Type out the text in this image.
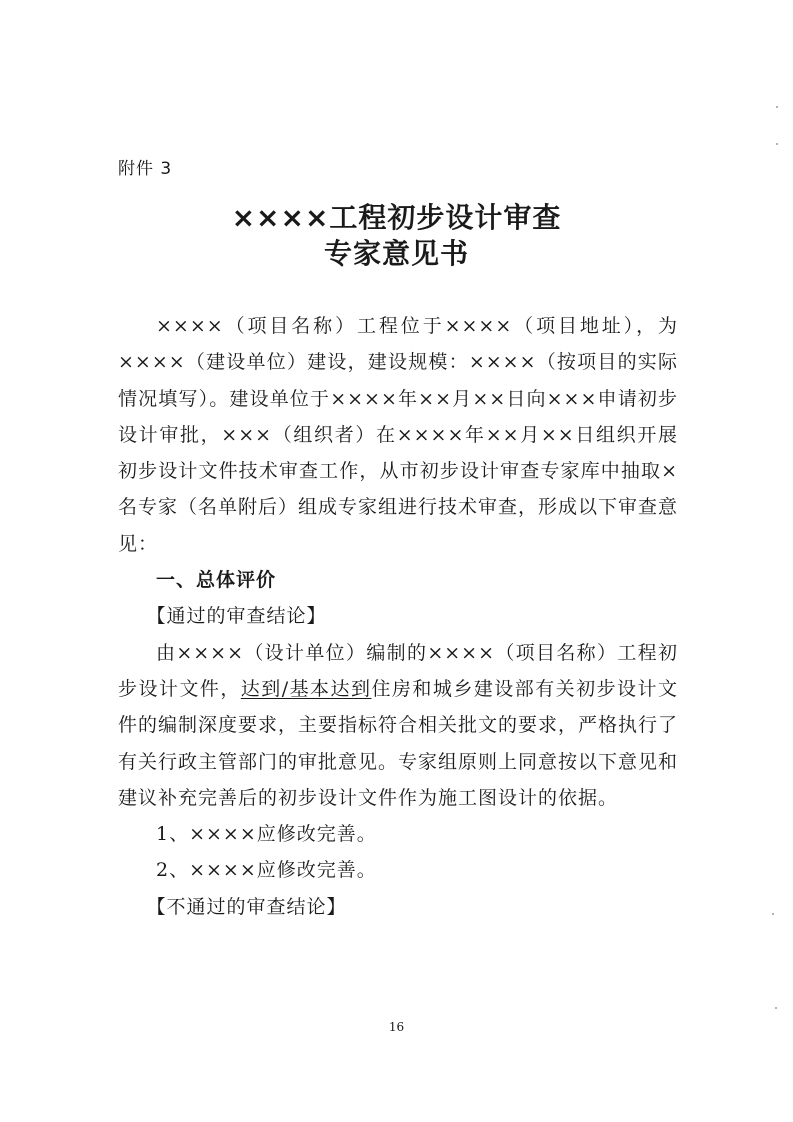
附件 3
××××工程初步设计审查
专家意见书

××××（项目名称）工程位于××××（项目地址），为××××（建设单位）建设，建设规模：××××（按项目的实际情况填写）。建设单位于××××年××月××日向×××申请初步设计审批，×××（组织者）在××××年××月××日组织开展初步设计文件技术审查工作，从市初步设计审查专家库中抽取×名专家（名单附后）组成专家组进行技术审查，形成以下审查意见：

一、总体评价

【通过的审查结论】

由××××（设计单位）编制的××××（项目名称）工程初步设计文件，达到/基本达到住房和城乡建设部有关初步设计文件的编制深度要求，主要指标符合相关批文的要求，严格执行了有关行政主管部门的审批意见。专家组原则上同意按以下意见和建议补充完善后的初步设计文件作为施工图设计的依据。

1、××××应修改完善。

2、××××应修改完善。

【不通过的审查结论】

16
